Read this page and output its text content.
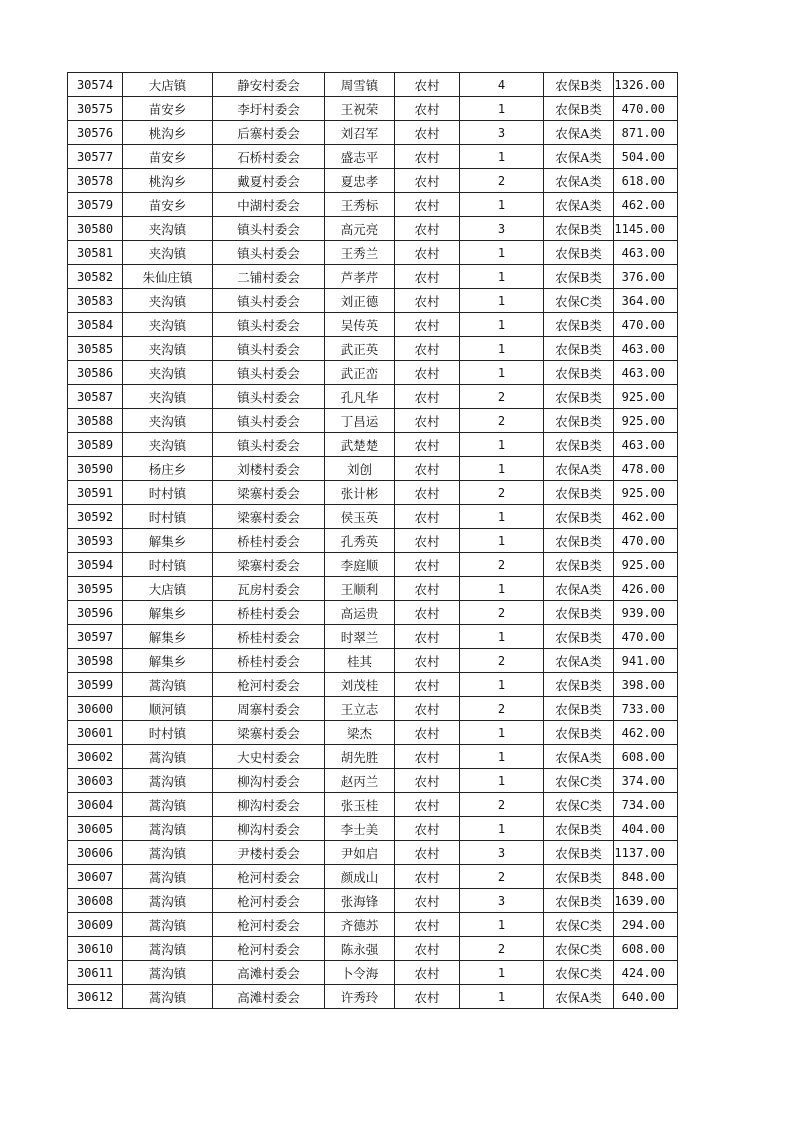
30574	大店镇	静安村委会	周雪镇	农村	4	农保B类	1326.00
30575	苗安乡	李圩村委会	王祝荣	农村	1	农保B类	470.00
30576	桃沟乡	后寨村委会	刘召军	农村	3	农保A类	871.00
30577	苗安乡	石桥村委会	盛志平	农村	1	农保A类	504.00
30578	桃沟乡	戴夏村委会	夏忠孝	农村	2	农保A类	618.00
30579	苗安乡	中湖村委会	王秀标	农村	1	农保A类	462.00
30580	夹沟镇	镇头村委会	高元亮	农村	3	农保B类	1145.00
30581	夹沟镇	镇头村委会	王秀兰	农村	1	农保B类	463.00
30582	朱仙庄镇	二铺村委会	芦孝芹	农村	1	农保B类	376.00
30583	夹沟镇	镇头村委会	刘正德	农村	1	农保C类	364.00
30584	夹沟镇	镇头村委会	吴传英	农村	1	农保B类	470.00
30585	夹沟镇	镇头村委会	武正英	农村	1	农保B类	463.00
30586	夹沟镇	镇头村委会	武正峦	农村	1	农保B类	463.00
30587	夹沟镇	镇头村委会	孔凡华	农村	2	农保B类	925.00
30588	夹沟镇	镇头村委会	丁昌运	农村	2	农保B类	925.00
30589	夹沟镇	镇头村委会	武楚楚	农村	1	农保B类	463.00
30590	杨庄乡	刘楼村委会	刘创	农村	1	农保A类	478.00
30591	时村镇	梁寨村委会	张计彬	农村	2	农保B类	925.00
30592	时村镇	梁寨村委会	侯玉英	农村	1	农保B类	462.00
30593	解集乡	桥桂村委会	孔秀英	农村	1	农保B类	470.00
30594	时村镇	梁寨村委会	李庭顺	农村	2	农保B类	925.00
30595	大店镇	瓦房村委会	王顺利	农村	1	农保A类	426.00
30596	解集乡	桥桂村委会	高运贵	农村	2	农保B类	939.00
30597	解集乡	桥桂村委会	时翠兰	农村	1	农保B类	470.00
30598	解集乡	桥桂村委会	桂其	农村	2	农保A类	941.00
30599	蒿沟镇	枪河村委会	刘茂桂	农村	1	农保B类	398.00
30600	顺河镇	周寨村委会	王立志	农村	2	农保B类	733.00
30601	时村镇	梁寨村委会	梁杰	农村	1	农保B类	462.00
30602	蒿沟镇	大史村委会	胡先胜	农村	1	农保A类	608.00
30603	蒿沟镇	柳沟村委会	赵丙兰	农村	1	农保C类	374.00
30604	蒿沟镇	柳沟村委会	张玉桂	农村	2	农保C类	734.00
30605	蒿沟镇	柳沟村委会	李士美	农村	1	农保B类	404.00
30606	蒿沟镇	尹楼村委会	尹如启	农村	3	农保B类	1137.00
30607	蒿沟镇	枪河村委会	颜成山	农村	2	农保B类	848.00
30608	蒿沟镇	枪河村委会	张海锋	农村	3	农保B类	1639.00
30609	蒿沟镇	枪河村委会	齐德苏	农村	1	农保C类	294.00
30610	蒿沟镇	枪河村委会	陈永强	农村	2	农保C类	608.00
30611	蒿沟镇	高滩村委会	卜令海	农村	1	农保C类	424.00
30612	蒿沟镇	高滩村委会	许秀玲	农村	1	农保A类	640.00
